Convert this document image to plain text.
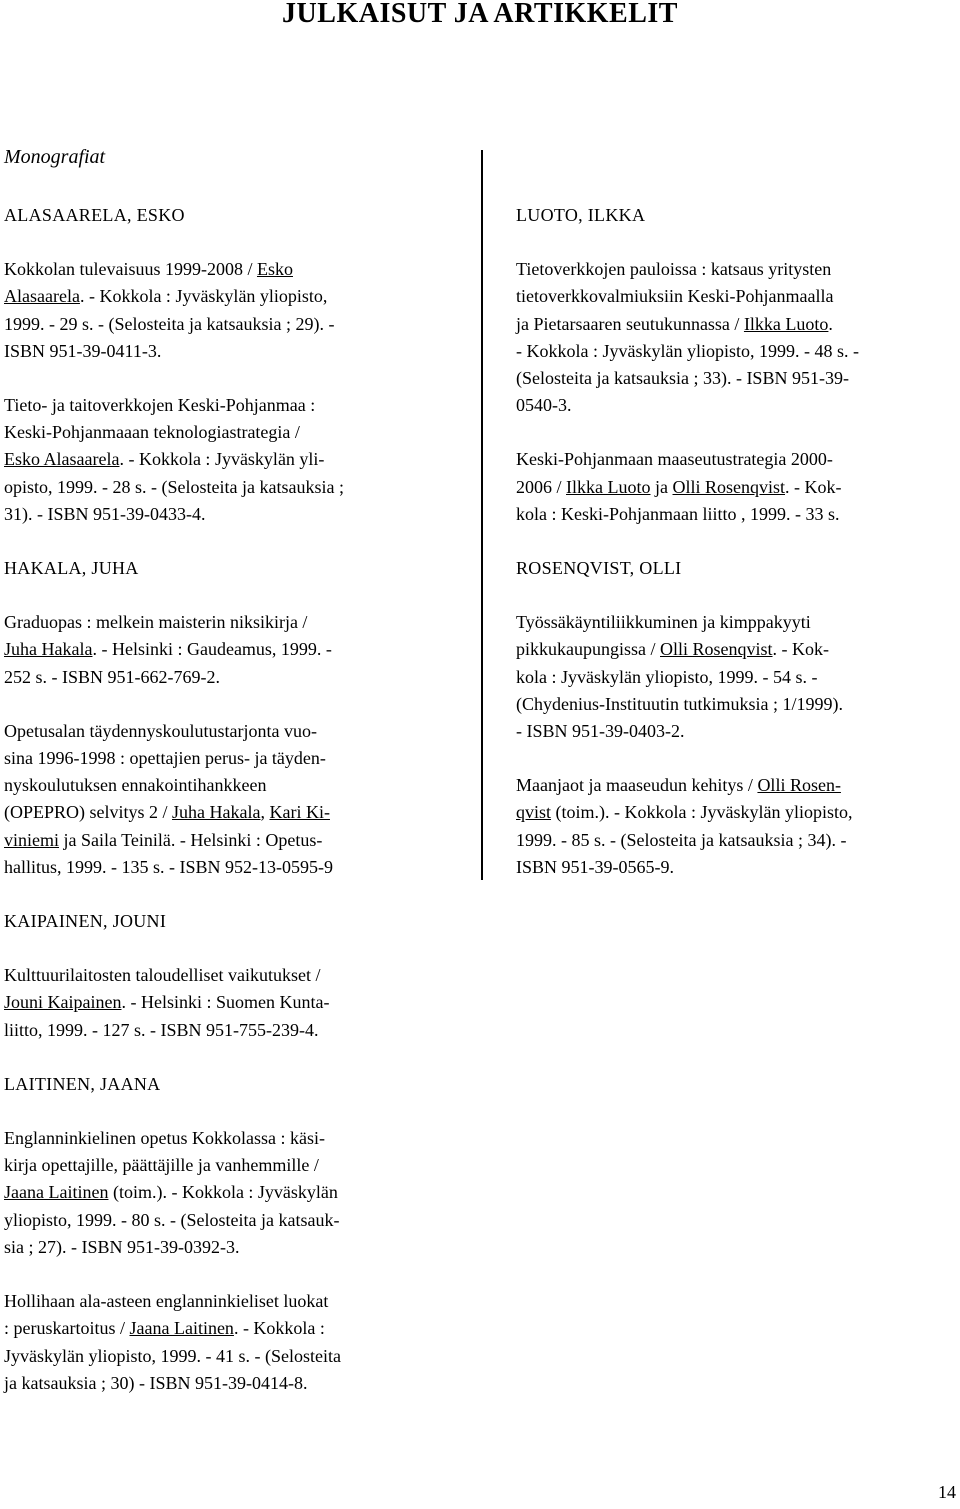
JULKAISUT JA ARTIKKELIT
Monografiat
ALASAARELA, ESKO
Kokkolan tulevaisuus 1999-2008 / Esko
Alasaarela. - Kokkola : Jyväskylän yliopisto,
1999. - 29 s. - (Selosteita ja katsauksia ; 29). -
ISBN 951-39-0411-3.
Tieto- ja taitoverkkojen Keski-Pohjanmaa :
Keski-Pohjanmaaan teknologiastrategia /
Esko Alasaarela. - Kokkola : Jyväskylän yli-
opisto, 1999. - 28 s. - (Selosteita ja katsauksia ;
31). - ISBN 951-39-0433-4.
HAKALA, JUHA
Graduopas : melkein maisterin niksikirja /
Juha Hakala. - Helsinki : Gaudeamus, 1999. -
252 s. - ISBN 951-662-769-2.
Opetusalan täydennyskoulutustarjonta vuo-
sina 1996-1998 : opettajien perus- ja täyden-
nyskoulutuksen ennakointihankkeen
(OPEPRO) selvitys 2 / Juha Hakala, Kari Ki-
viniemi ja Saila Teinilä. - Helsinki : Opetus-
hallitus, 1999. - 135 s. - ISBN 952-13-0595-9
KAIPAINEN, JOUNI
Kulttuurilaitosten taloudelliset vaikutukset /
Jouni Kaipainen. - Helsinki : Suomen Kunta-
liitto, 1999. - 127 s. - ISBN 951-755-239-4.
LAITINEN, JAANA
Englanninkielinen opetus Kokkolassa : käsi-
kirja opettajille, päättäjille ja vanhemmille /
Jaana Laitinen (toim.). - Kokkola : Jyväskylän
yliopisto, 1999. - 80 s. - (Selosteita ja katsauk-
sia ; 27). - ISBN 951-39-0392-3.
Hollihaan ala-asteen englanninkieliset luokat
: peruskartoitus / Jaana Laitinen. - Kokkola :
Jyväskylän yliopisto, 1999. - 41 s. - (Selosteita
ja katsauksia ; 30) - ISBN 951-39-0414-8.
LUOTO, ILKKA
Tietoverkkojen pauloissa : katsaus yritysten
tietoverkkovalmiuksiin Keski-Pohjanmaalla
ja Pietarsaaren seutukunnassa / Ilkka Luoto.
- Kokkola : Jyväskylän yliopisto, 1999. - 48 s. -
(Selosteita ja katsauksia ; 33). - ISBN 951-39-
0540-3.
Keski-Pohjanmaan maaseutustrategia 2000-
2006 / Ilkka Luoto ja Olli Rosenqvist. - Kok-
kola : Keski-Pohjanmaan liitto , 1999. - 33 s.
ROSENQVIST, OLLI
Työssäkäyntiliikkuminen ja kimppakyyti
pikkukaupungissa / Olli Rosenqvist. - Kok-
kola : Jyväskylän yliopisto, 1999. - 54 s. -
(Chydenius-Instituutin tutkimuksia ; 1/1999).
- ISBN 951-39-0403-2.
Maanjaot ja maaseudun kehitys / Olli Rosen-
qvist (toim.). - Kokkola : Jyväskylän yliopisto,
1999. - 85 s. - (Selosteita ja katsauksia ; 34). -
ISBN 951-39-0565-9.
14
